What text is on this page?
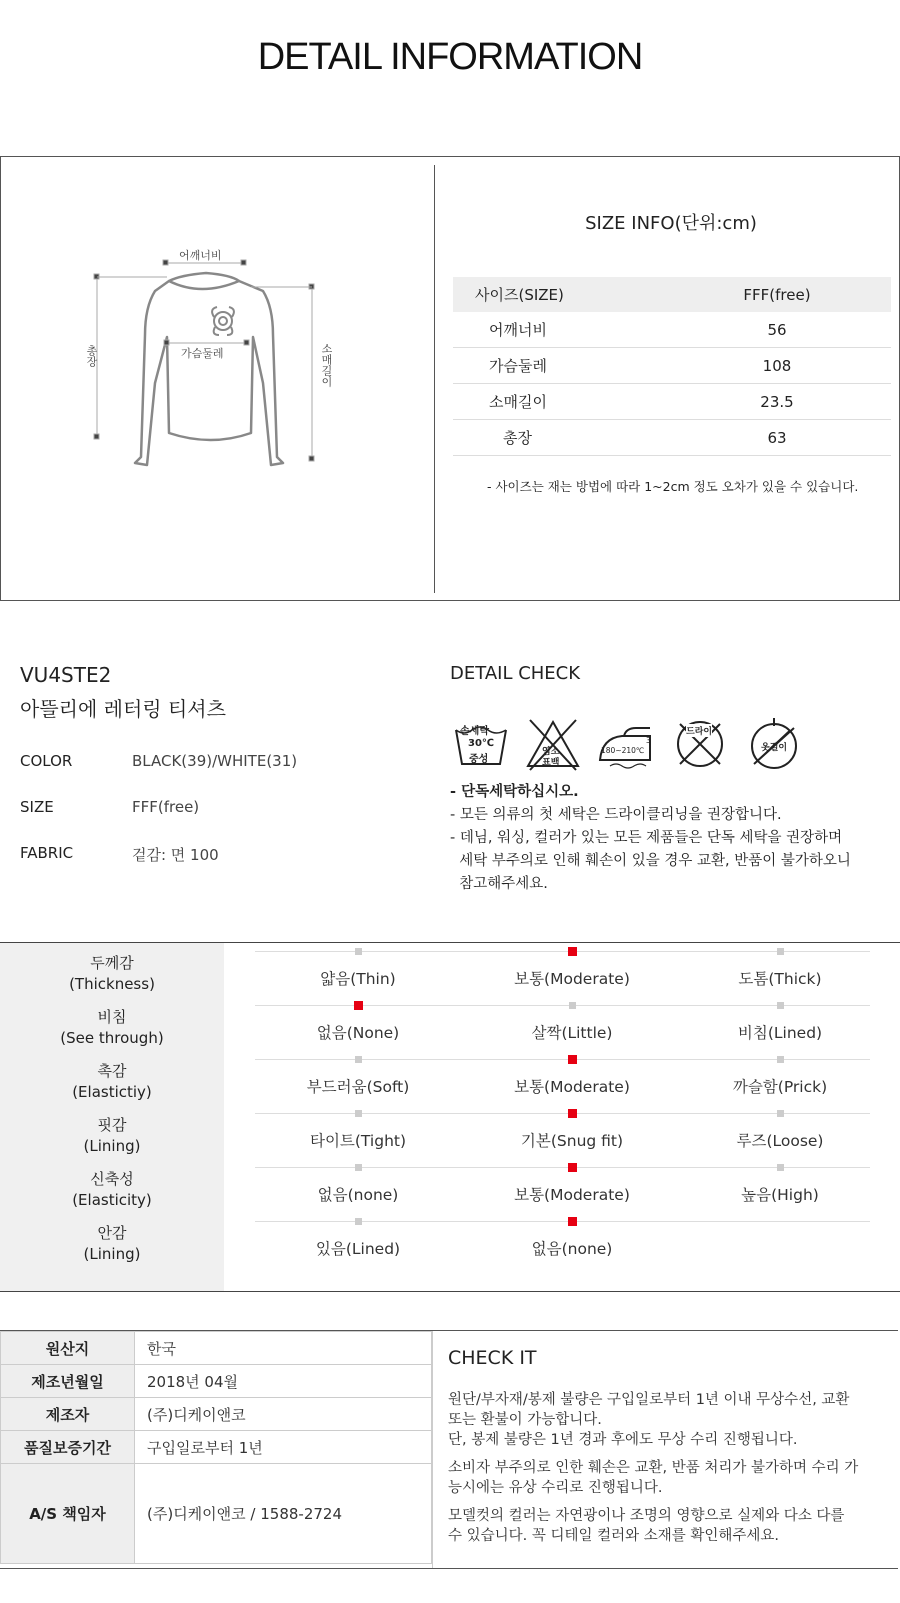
DETAIL INFORMATION
어깨너비
가슴둘레
총장	소매길이
SIZE INFO(단위:cm)
사이즈(SIZE)	FFF(free)
어깨너비	56
가슴둘레	108
소매길이	23.5
총장	63
- 사이즈는 재는 방법에 따라 1~2cm 정도 오차가 있을 수 있습니다.
VU4STE2
아뜰리에 레터링 티셔츠
COLOR	BLACK(39)/WHITE(31)
SIZE	FFF(free)
FABRIC	겉감: 면 100
DETAIL CHECK
손세탁
30℃
중성
염소
표백
180~210℃
3
드라이
옷걸이
- 단독세탁하십시오.
- 모든 의류의 첫 세탁은 드라이클리닝을 권장합니다.
- 데님, 워싱, 컬러가 있는 모든 제품들은 단독 세탁을 권장하며
세탁 부주의로 인해 훼손이 있을 경우 교환, 반품이 불가하오니
참고해주세요.
두께감
(Thickness)	얇음(Thin)	보통(Moderate)	도톰(Thick)
비침
(See through)	없음(None)	살짝(Little)	비침(Lined)
촉감
(Elastictiy)	부드러움(Soft)	보통(Moderate)	까슬함(Prick)
핏감
(Lining)	타이트(Tight)	기본(Snug fit)	루즈(Loose)
신축성
(Elasticity)	없음(none)	보통(Moderate)	높음(High)
안감
(Lining)	있음(Lined)	없음(none)
원산지	한국
제조년월일	2018년 04월
제조자	(주)디케이앤코
품질보증기간	구입일로부터 1년
A/S 책임자	(주)디케이앤코 / 1588-2724
CHECK IT
원단/부자재/봉제 불량은 구입일로부터 1년 이내 무상수선, 교환
또는 환불이 가능합니다.
단, 봉제 불량은 1년 경과 후에도 무상 수리 진행됩니다.
소비자 부주의로 인한 훼손은 교환, 반품 처리가 불가하며 수리 가
능시에는 유상 수리로 진행됩니다.
모델컷의 컬러는 자연광이나 조명의 영향으로 실제와 다소 다를
수 있습니다. 꼭 디테일 컬러와 소재를 확인해주세요.
